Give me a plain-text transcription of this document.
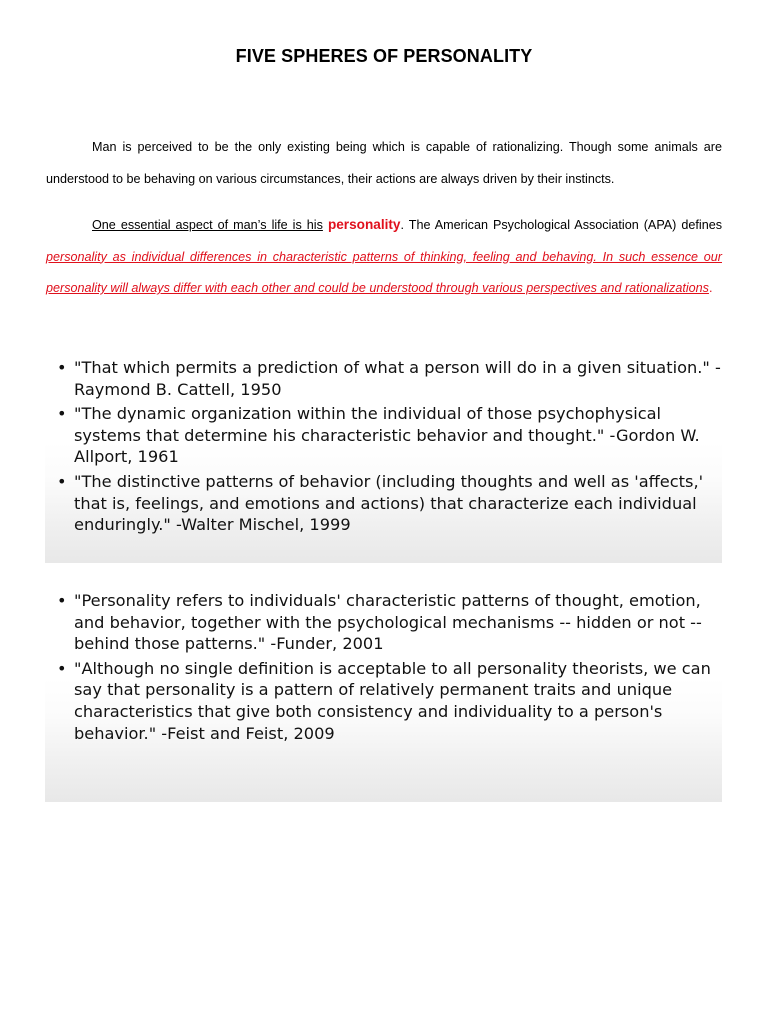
FIVE SPHERES OF PERSONALITY

Man is perceived to be the only existing being which is capable of rationalizing. Though some animals are understood to be behaving on various circumstances, their actions are always driven by their instincts.

One essential aspect of man’s life is his personality. The American Psychological Association (APA) defines personality as individual differences in characteristic patterns of thinking, feeling and behaving. In such essence our personality will always differ with each other and could be understood through various perspectives and rationalizations.

• "That which permits a prediction of what a person will do in a given situation." -Raymond B. Cattell, 1950
• "The dynamic organization within the individual of those psychophysical systems that determine his characteristic behavior and thought." -Gordon W. Allport, 1961
• "The distinctive patterns of behavior (including thoughts and well as 'affects,' that is, feelings, and emotions and actions) that characterize each individual enduringly." -Walter Mischel, 1999
• "Personality refers to individuals' characteristic patterns of thought, emotion, and behavior, together with the psychological mechanisms -- hidden or not -- behind those patterns." -Funder, 2001
• "Although no single definition is acceptable to all personality theorists, we can say that personality is a pattern of relatively permanent traits and unique characteristics that give both consistency and individuality to a person's behavior." -Feist and Feist, 2009
